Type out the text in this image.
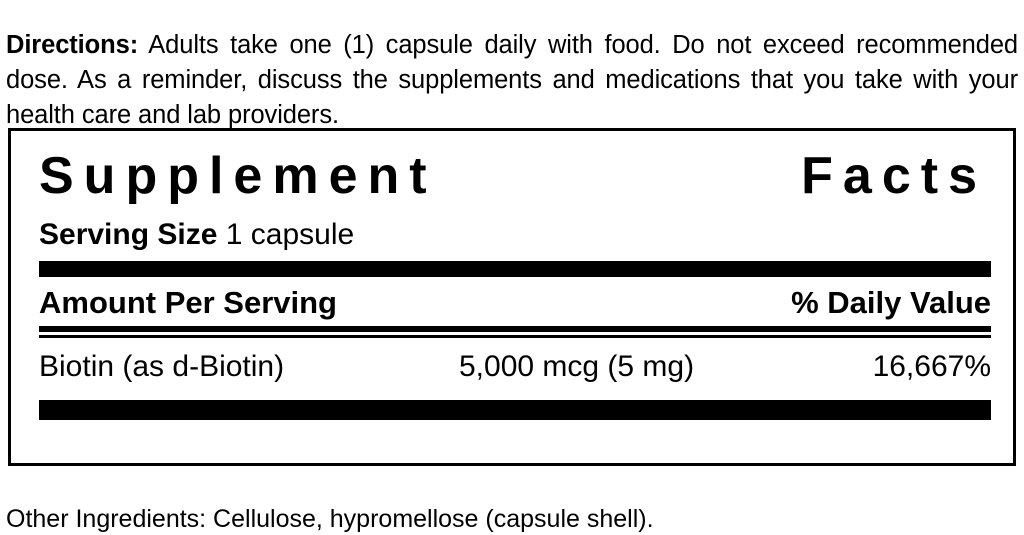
Directions: Adults take one (1) capsule daily with food. Do not exceed recommended dose. As a reminder, discuss the supplements and medications that you take with your health care and lab providers.

Supplement	Facts
Serving Size 1 capsule
Amount Per Serving	% Daily Value
Biotin (as d-Biotin)	5,000 mcg (5 mg)	16,667%

Other Ingredients: Cellulose, hypromellose (capsule shell).
